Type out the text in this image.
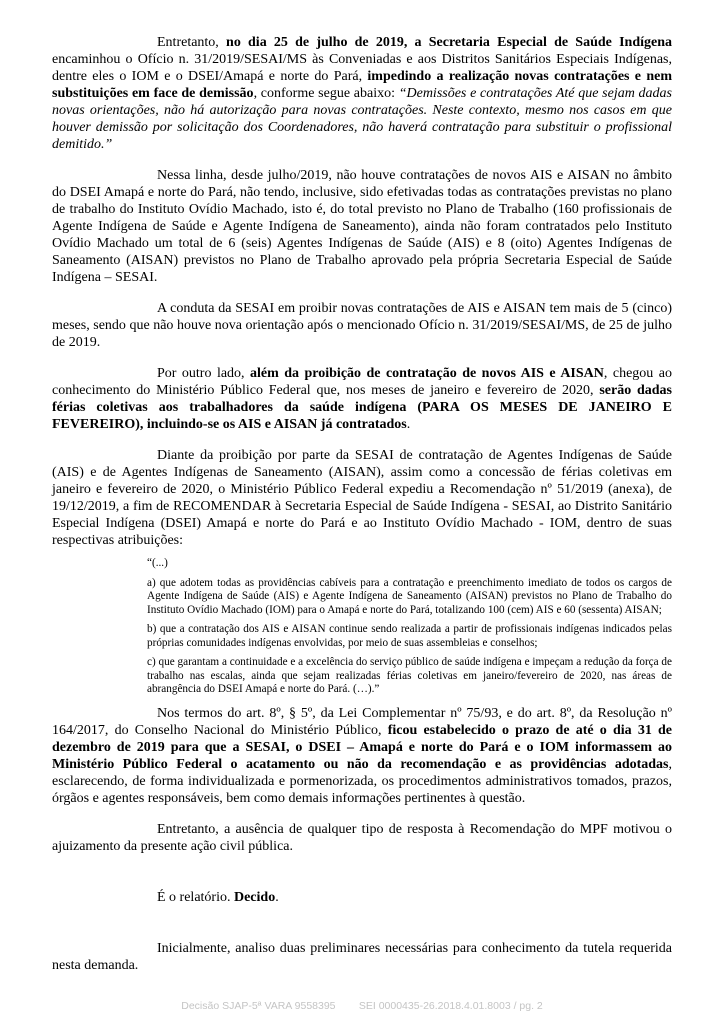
Entretanto, no dia 25 de julho de 2019, a Secretaria Especial de Saúde Indígena encaminhou o Ofício n. 31/2019/SESAI/MS às Conveniadas e aos Distritos Sanitários Especiais Indígenas, dentre eles o IOM e o DSEI/Amapá e norte do Pará, impedindo a realização novas contratações e nem substituições em face de demissão, conforme segue abaixo: “Demissões e contratações Até que sejam dadas novas orientações, não há autorização para novas contratações. Neste contexto, mesmo nos casos em que houver demissão por solicitação dos Coordenadores, não haverá contratação para substituir o profissional demitido.”

Nessa linha, desde julho/2019, não houve contratações de novos AIS e AISAN no âmbito do DSEI Amapá e norte do Pará, não tendo, inclusive, sido efetivadas todas as contratações previstas no plano de trabalho do Instituto Ovídio Machado, isto é, do total previsto no Plano de Trabalho (160 profissionais de Agente Indígena de Saúde e Agente Indígena de Saneamento), ainda não foram contratados pelo Instituto Ovídio Machado um total de 6 (seis) Agentes Indígenas de Saúde (AIS) e 8 (oito) Agentes Indígenas de Saneamento (AISAN) previstos no Plano de Trabalho aprovado pela própria Secretaria Especial de Saúde Indígena – SESAI.

A conduta da SESAI em proibir novas contratações de AIS e AISAN tem mais de 5 (cinco) meses, sendo que não houve nova orientação após o mencionado Ofício n. 31/2019/SESAI/MS, de 25 de julho de 2019.

Por outro lado, além da proibição de contratação de novos AIS e AISAN, chegou ao conhecimento do Ministério Público Federal que, nos meses de janeiro e fevereiro de 2020, serão dadas férias coletivas aos trabalhadores da saúde indígena (PARA OS MESES DE JANEIRO E FEVEREIRO), incluindo-se os AIS e AISAN já contratados.

Diante da proibição por parte da SESAI de contratação de Agentes Indígenas de Saúde (AIS) e de Agentes Indígenas de Saneamento (AISAN), assim como a concessão de férias coletivas em janeiro e fevereiro de 2020, o Ministério Público Federal expediu a Recomendação nº 51/2019 (anexa), de 19/12/2019, a fim de RECOMENDAR à Secretaria Especial de Saúde Indígena - SESAI, ao Distrito Sanitário Especial Indígena (DSEI) Amapá e norte do Pará e ao Instituto Ovídio Machado - IOM, dentro de suas respectivas atribuições:

“(...)

a) que adotem todas as providências cabíveis para a contratação e preenchimento imediato de todos os cargos de Agente Indígena de Saúde (AIS) e Agente Indígena de Saneamento (AISAN) previstos no Plano de Trabalho do Instituto Ovídio Machado (IOM) para o Amapá e norte do Pará, totalizando 100 (cem) AIS e 60 (sessenta) AISAN;

b) que a contratação dos AIS e AISAN continue sendo realizada a partir de profissionais indígenas indicados pelas próprias comunidades indígenas envolvidas, por meio de suas assembleias e conselhos;

c) que garantam a continuidade e a excelência do serviço público de saúde indígena e impeçam a redução da força de trabalho nas escalas, ainda que sejam realizadas férias coletivas em janeiro/fevereiro de 2020, nas áreas de abrangência do DSEI Amapá e norte do Pará. (…).”

Nos termos do art. 8º, § 5º, da Lei Complementar nº 75/93, e do art. 8º, da Resolução nº 164/2017, do Conselho Nacional do Ministério Público, ficou estabelecido o prazo de até o dia 31 de dezembro de 2019 para que a SESAI, o DSEI – Amapá e norte do Pará e o IOM informassem ao Ministério Público Federal o acatamento ou não da recomendação e as providências adotadas, esclarecendo, de forma individualizada e pormenorizada, os procedimentos administrativos tomados, prazos, órgãos e agentes responsáveis, bem como demais informações pertinentes à questão.

Entretanto, a ausência de qualquer tipo de resposta à Recomendação do MPF motivou o ajuizamento da presente ação civil pública.

É o relatório. Decido.

Inicialmente, analiso duas preliminares necessárias para conhecimento da tutela requerida nesta demanda.

Decisão SJAP-5ª VARA 9558395 SEI 0000435-26.2018.4.01.8003 / pg. 2
